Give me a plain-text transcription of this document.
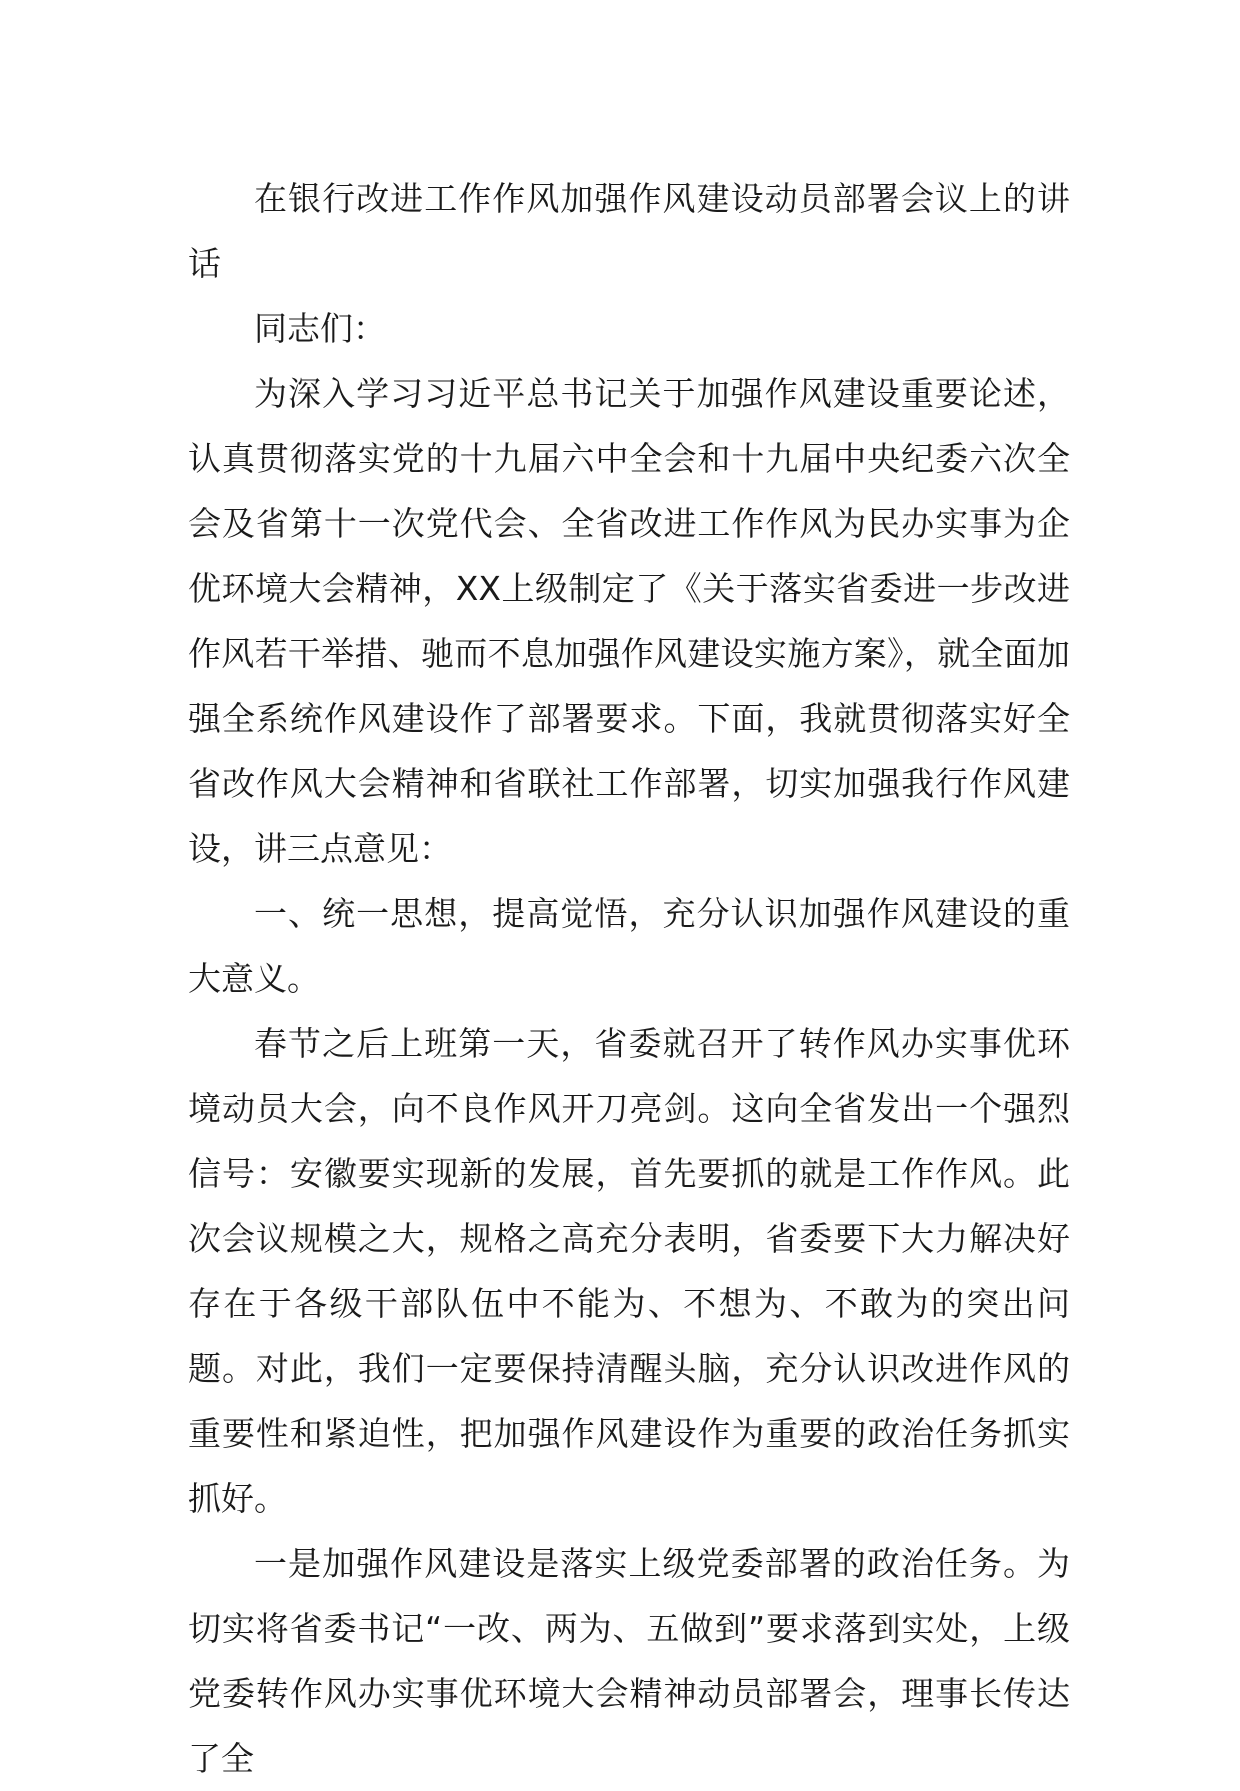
在银行改进工作作风加强作风建设动员部署会议上的讲话

同志们：

为深入学习习近平总书记关于加强作风建设重要论述，认真贯彻落实党的十九届六中全会和十九届中央纪委六次全会及省第十一次党代会、全省改进工作作风为民办实事为企优环境大会精神，XX上级制定了《关于落实省委进一步改进作风若干举措、驰而不息加强作风建设实施方案》，就全面加强全系统作风建设作了部署要求。下面，我就贯彻落实好全省改作风大会精神和省联社工作部署，切实加强我行作风建设，讲三点意见：

一、统一思想，提高觉悟，充分认识加强作风建设的重大意义。

春节之后上班第一天，省委就召开了转作风办实事优环境动员大会，向不良作风开刀亮剑。这向全省发出一个强烈信号：安徽要实现新的发展，首先要抓的就是工作作风。此次会议规模之大，规格之高充分表明，省委要下大力解决好存在于各级干部队伍中不能为、不想为、不敢为的突出问题。对此，我们一定要保持清醒头脑，充分认识改进作风的重要性和紧迫性，把加强作风建设作为重要的政治任务抓实抓好。

一是加强作风建设是落实上级党委部署的政治任务。为切实将省委书记“一改、两为、五做到”要求落到实处，上级党委转作风办实事优环境大会精神动员部署会，理事长传达了全
